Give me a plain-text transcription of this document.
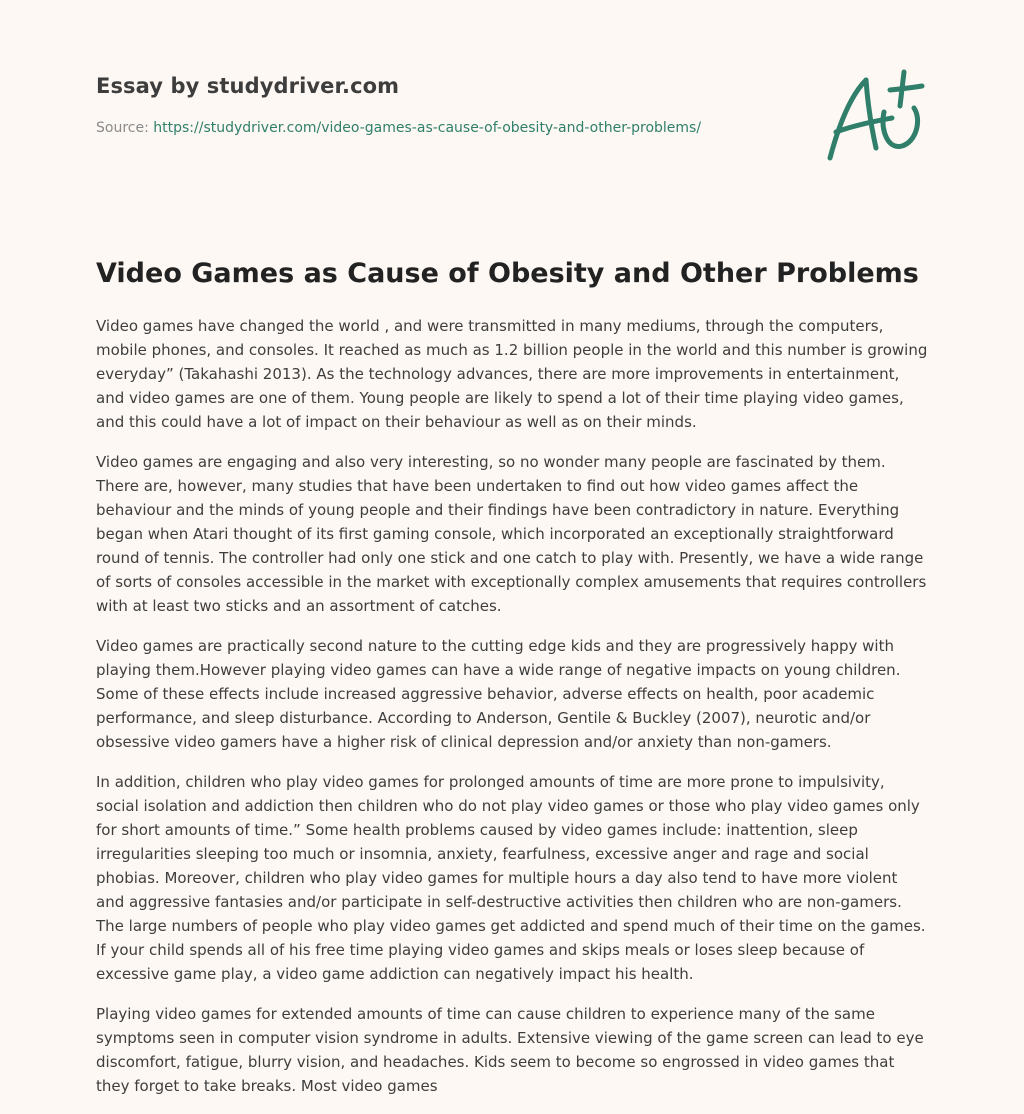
Essay by studydriver.com
Source: https://studydriver.com/video-games-as-cause-of-obesity-and-other-problems/
Video Games as Cause of Obesity and Other Problems

Video games have changed the world , and were transmitted in many mediums, through the computers, mobile phones, and consoles. It reached as much as 1.2 billion people in the world and this number is growing everyday” (Takahashi 2013). As the technology advances, there are more improvements in entertainment, and video games are one of them. Young people are likely to spend a lot of their time playing video games, and this could have a lot of impact on their behaviour as well as on their minds.

Video games are engaging and also very interesting, so no wonder many people are fascinated by them. There are, however, many studies that have been undertaken to find out how video games affect the behaviour and the minds of young people and their findings have been contradictory in nature. Everything began when Atari thought of its first gaming console, which incorporated an exceptionally straightforward round of tennis. The controller had only one stick and one catch to play with. Presently, we have a wide range of sorts of consoles accessible in the market with exceptionally complex amusements that requires controllers with at least two sticks and an assortment of catches.

Video games are practically second nature to the cutting edge kids and they are progressively happy with playing them.However playing video games can have a wide range of negative impacts on young children. Some of these effects include increased aggressive behavior, adverse effects on health, poor academic performance, and sleep disturbance. According to Anderson, Gentile & Buckley (2007), neurotic and/or obsessive video gamers have a higher risk of clinical depression and/or anxiety than non-gamers.

In addition, children who play video games for prolonged amounts of time are more prone to impulsivity, social isolation and addiction then children who do not play video games or those who play video games only for short amounts of time.” Some health problems caused by video games include: inattention, sleep irregularities sleeping too much or insomnia, anxiety, fearfulness, excessive anger and rage and social phobias. Moreover, children who play video games for multiple hours a day also tend to have more violent and aggressive fantasies and/or participate in self-destructive activities then children who are non-gamers. The large numbers of people who play video games get addicted and spend much of their time on the games. If your child spends all of his free time playing video games and skips meals or loses sleep because of excessive game play, a video game addiction can negatively impact his health.

Playing video games for extended amounts of time can cause children to experience many of the same symptoms seen in computer vision syndrome in adults. Extensive viewing of the game screen can lead to eye discomfort, fatigue, blurry vision, and headaches. Kids seem to become so engrossed in video games that they forget to take breaks. Most video games
